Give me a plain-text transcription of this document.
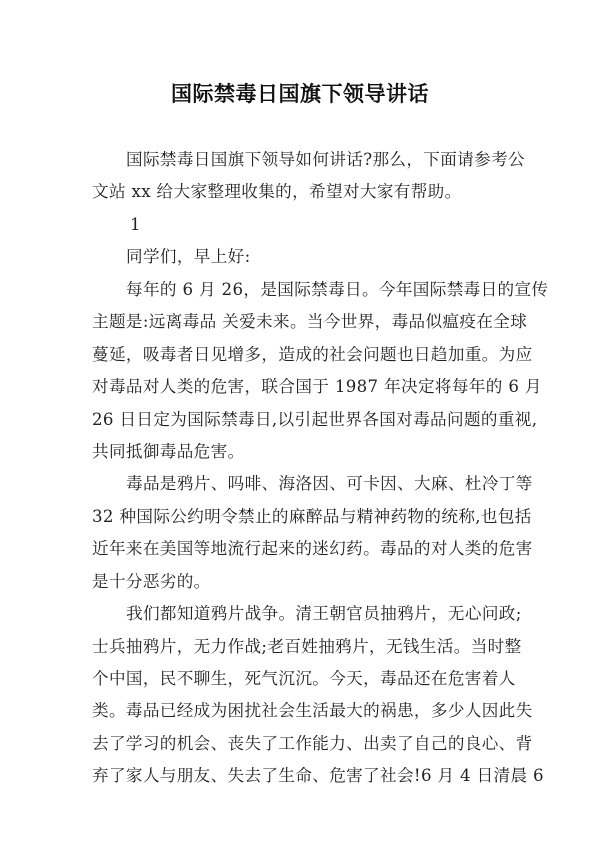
国际禁毒日国旗下领导讲话
国际禁毒日国旗下领导如何讲话?那么，下面请参考公
文站 xx 给大家整理收集的，希望对大家有帮助。
1
同学们，早上好:
每年的 6 月 26，是国际禁毒日。今年国际禁毒日的宣传
主题是:远离毒品 关爱未来。当今世界，毒品似瘟疫在全球
蔓延，吸毒者日见增多，造成的社会问题也日趋加重。为应
对毒品对人类的危害，联合国于 1987 年决定将每年的 6 月
26 日日定为国际禁毒日,以引起世界各国对毒品问题的重视,
共同抵御毒品危害。
毒品是鸦片、吗啡、海洛因、可卡因、大麻、杜冷丁等
32 种国际公约明令禁止的麻醉品与精神药物的统称,也包括
近年来在美国等地流行起来的迷幻药。毒品的对人类的危害
是十分恶劣的。
我们都知道鸦片战争。清王朝官员抽鸦片，无心问政;
士兵抽鸦片，无力作战;老百姓抽鸦片，无钱生活。当时整
个中国，民不聊生，死气沉沉。今天，毒品还在危害着人
类。毒品已经成为困扰社会生活最大的祸患，多少人因此失
去了学习的机会、丧失了工作能力、出卖了自己的良心、背
弃了家人与朋友、失去了生命、危害了社会!6 月 4 日清晨 6
